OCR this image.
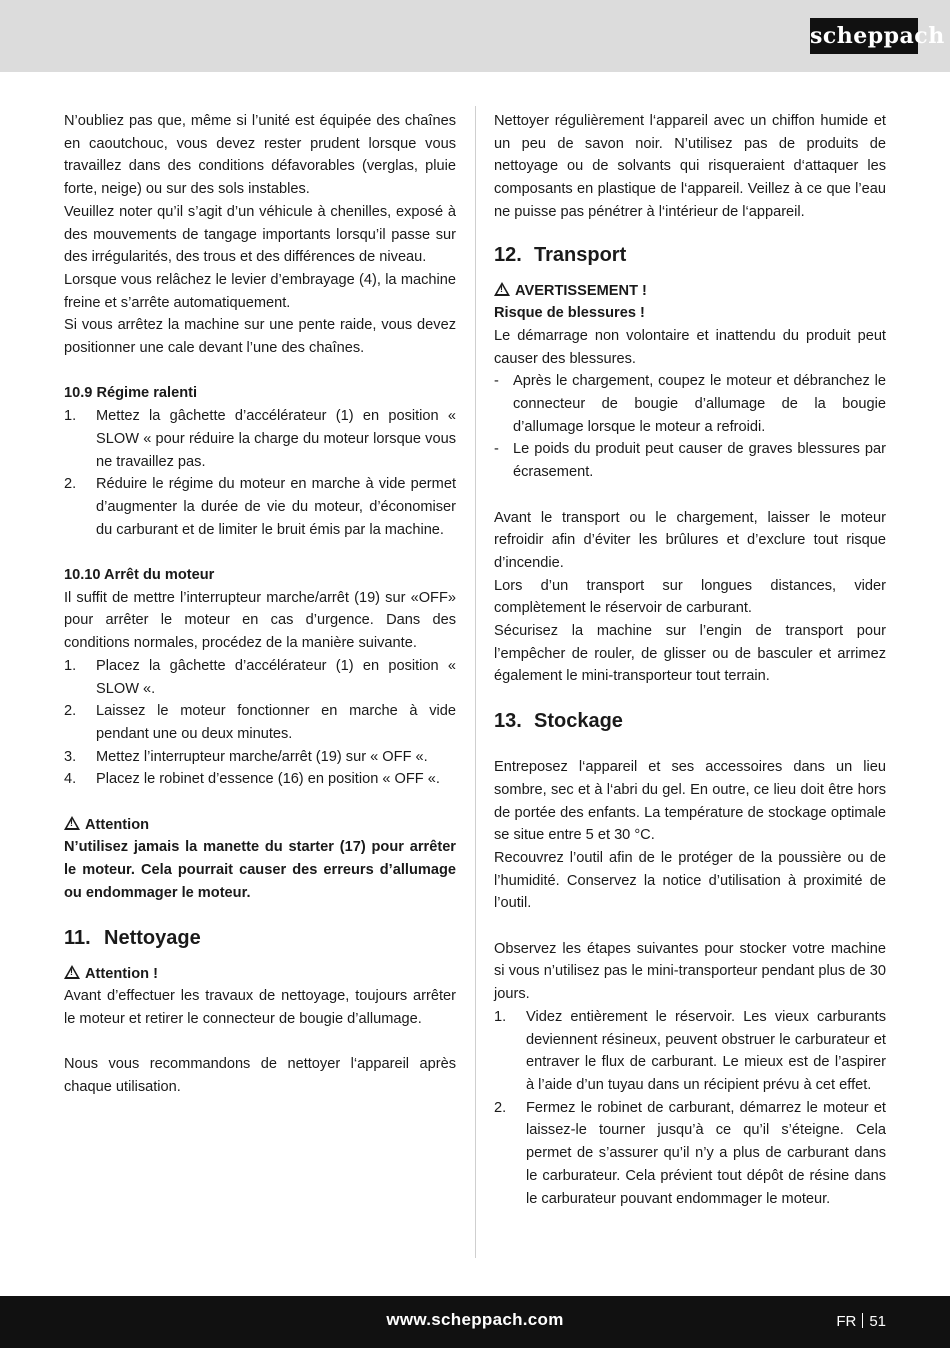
scheppach

N’oubliez pas que, même si l’unité est équipée des chaînes en caoutchouc, vous devez rester prudent lorsque vous travaillez dans des conditions défavorables (verglas, pluie forte, neige) ou sur des sols instables.

Veuillez noter qu’il s’agit d’un véhicule à chenilles, exposé à des mouvements de tangage importants lorsqu’il passe sur des irrégularités, des trous et des différences de niveau.

Lorsque vous relâchez le levier d’embrayage (4), la machine freine et s’arrête automatiquement.

Si vous arrêtez la machine sur une pente raide, vous devez positionner une cale devant l’une des chaînes.

10.9 Régime ralenti

1. Mettez la gâchette d’accélérateur (1) en position « SLOW « pour réduire la charge du moteur lorsque vous ne travaillez pas.
2. Réduire le régime du moteur en marche à vide permet d’augmenter la durée de vie du moteur, d’économiser du carburant et de limiter le bruit émis par la machine.

10.10 Arrêt du moteur

Il suffit de mettre l’interrupteur marche/arrêt (19) sur «OFF» pour arrêter le moteur en cas d’urgence. Dans des conditions normales, procédez de la manière suivante.

1. Placez la gâchette d’accélérateur (1) en position « SLOW «.
2. Laissez le moteur fonctionner en marche à vide pendant une ou deux minutes.
3. Mettez l’interrupteur marche/arrêt (19) sur « OFF «.
4. Placez le robinet d’essence (16) en position « OFF «.

!Attention

N’utilisez jamais la manette du starter (17) pour arrêter le moteur. Cela pourrait causer des erreurs d’allumage ou endommager le moteur.

11. Nettoyage

!Attention !

Avant d’effectuer les travaux de nettoyage, toujours arrêter le moteur et retirer le connecteur de bougie d’allumage.

Nous vous recommandons de nettoyer l‘appareil après chaque utilisation.

Nettoyer régulièrement l‘appareil avec un chiffon humide et un peu de savon noir. N’utilisez pas de produits de nettoyage ou de solvants qui risqueraient d‘attaquer les composants en plastique de l‘appareil. Veillez à ce que l’eau ne puisse pas pénétrer à l‘intérieur de l‘appareil.

12. Transport

!AVERTISSEMENT !

Risque de blessures !

Le démarrage non volontaire et inattendu du produit peut causer des blessures.

- Après le chargement, coupez le moteur et débranchez le connecteur de bougie d’allumage de la bougie d’allumage lorsque le moteur a refroidi.
- Le poids du produit peut causer de graves blessures par écrasement.

Avant le transport ou le chargement, laisser le moteur refroidir afin d’éviter les brûlures et d’exclure tout risque d’incendie.

Lors d’un transport sur longues distances, vider complètement le réservoir de carburant.

Sécurisez la machine sur l’engin de transport pour l’empêcher de rouler, de glisser ou de basculer et arrimez également le mini-transporteur tout terrain.

13. Stockage

Entreposez l‘appareil et ses accessoires dans un lieu sombre, sec et à l‘abri du gel. En outre, ce lieu doit être hors de portée des enfants. La température de stockage optimale se situe entre 5 et 30 °C.

Recouvrez l’outil afin de le protéger de la poussière ou de l’humidité. Conservez la notice d’utilisation à proximité de l’outil.

Observez les étapes suivantes pour stocker votre machine si vous n’utilisez pas le mini-transporteur pendant plus de 30 jours.

1. Videz entièrement le réservoir. Les vieux carburants deviennent résineux, peuvent obstruer le carburateur et entraver le flux de carburant. Le mieux est de l’aspirer à l’aide d’un tuyau dans un récipient prévu à cet effet.
2. Fermez le robinet de carburant, démarrez le moteur et laissez-le tourner jusqu’à ce qu’il s’éteigne. Cela permet de s’assurer qu’il n’y a plus de carburant dans le carburateur. Cela prévient tout dépôt de résine dans le carburateur pouvant endommager le moteur.
www.scheppach.com	FR 51
